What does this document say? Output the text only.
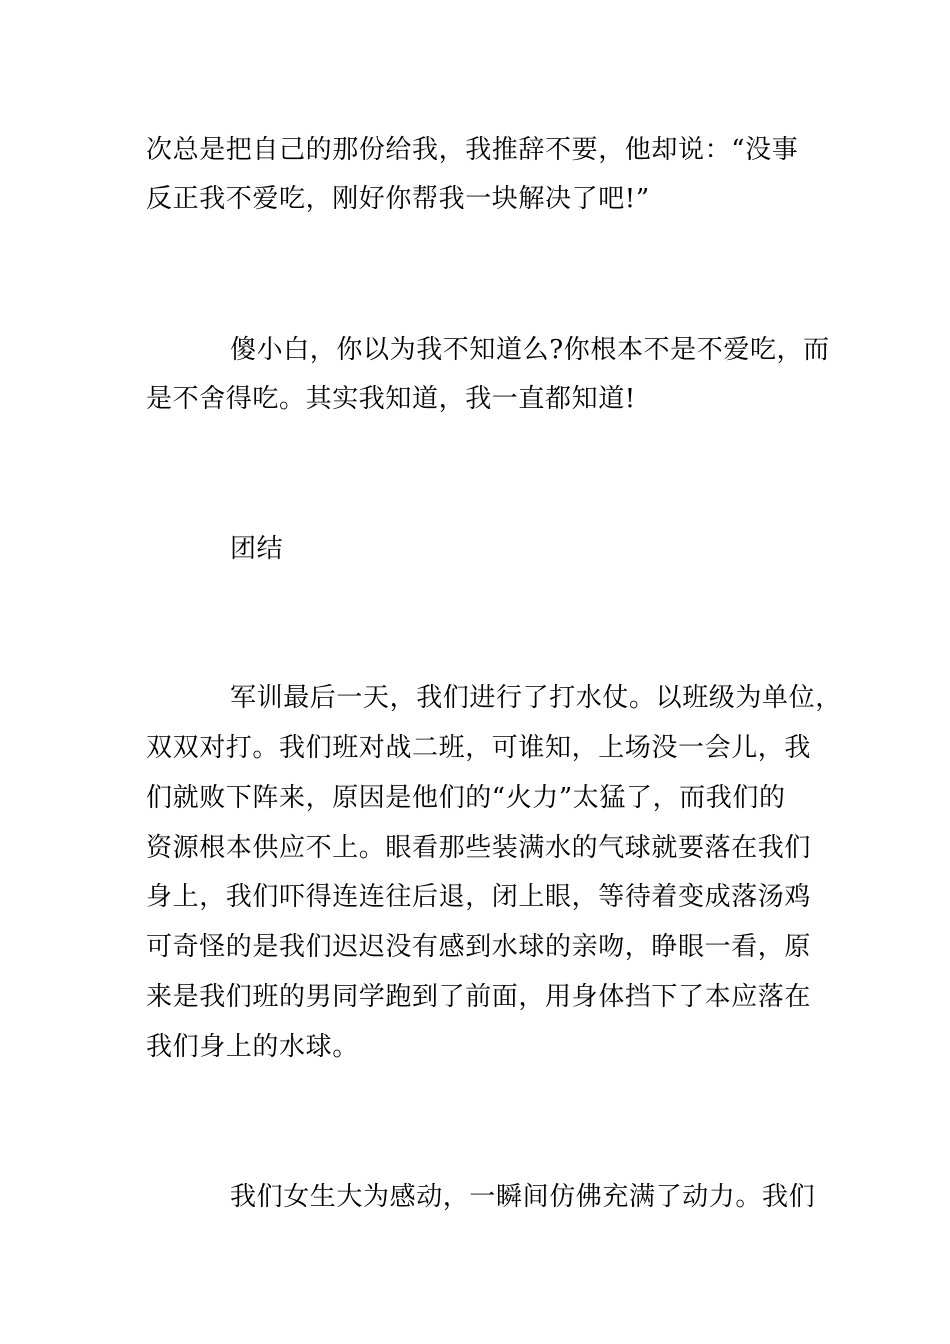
次总是把自己的那份给我，我推辞不要，他却说：“没事
反正我不爱吃，刚好你帮我一块解决了吧!”
傻小白，你以为我不知道么?你根本不是不爱吃，而
是不舍得吃。其实我知道，我一直都知道!
团结
军训最后一天，我们进行了打水仗。以班级为单位，
双双对打。我们班对战二班，可谁知，上场没一会儿，我
们就败下阵来，原因是他们的“火力”太猛了，而我们的
资源根本供应不上。眼看那些装满水的气球就要落在我们
身上，我们吓得连连往后退，闭上眼，等待着变成落汤鸡
可奇怪的是我们迟迟没有感到水球的亲吻，睁眼一看，原
来是我们班的男同学跑到了前面，用身体挡下了本应落在
我们身上的水球。
我们女生大为感动，一瞬间仿佛充满了动力。我们
